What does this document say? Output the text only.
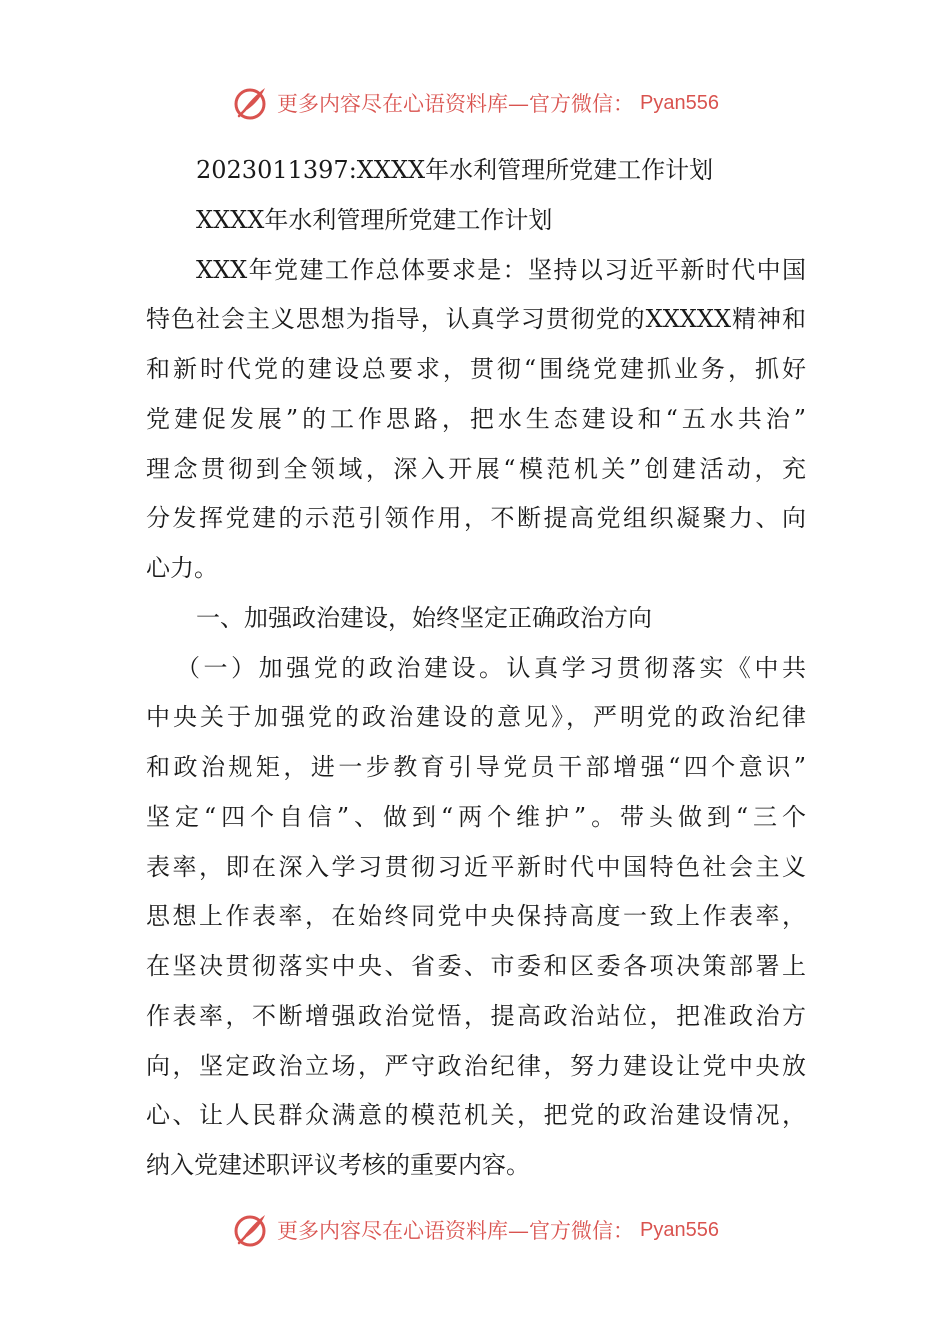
更多内容尽在心语资料库—官方微信： Pyan556
2023011397:XXXX年水利管理所党建工作计划
XXXX年水利管理所党建工作计划
XXX年党建工作总体要求是：坚持以习近平新时代中国
特色社会主义思想为指导，认真学习贯彻党的XXXXX精神和
和新时代党的建设总要求，贯彻“围绕党建抓业务，抓好
党建促发展”的工作思路，把水生态建设和“五水共治”
理念贯彻到全领域，深入开展“模范机关”创建活动，充
分发挥党建的示范引领作用，不断提高党组织凝聚力、向
心力。
一、加强政治建设，始终坚定正确政治方向
（一）加强党的政治建设。认真学习贯彻落实《中共
中央关于加强党的政治建设的意见》，严明党的政治纪律
和政治规矩，进一步教育引导党员干部增强“四个意识”
坚定“四个自信”、做到“两个维护”。带头做到“三个
表率，即在深入学习贯彻习近平新时代中国特色社会主义
思想上作表率，在始终同党中央保持高度一致上作表率，
在坚决贯彻落实中央、省委、市委和区委各项决策部署上
作表率，不断增强政治觉悟，提高政治站位，把准政治方
向，坚定政治立场，严守政治纪律，努力建设让党中央放
心、让人民群众满意的模范机关，把党的政治建设情况，
纳入党建述职评议考核的重要内容。
更多内容尽在心语资料库—官方微信： Pyan556
